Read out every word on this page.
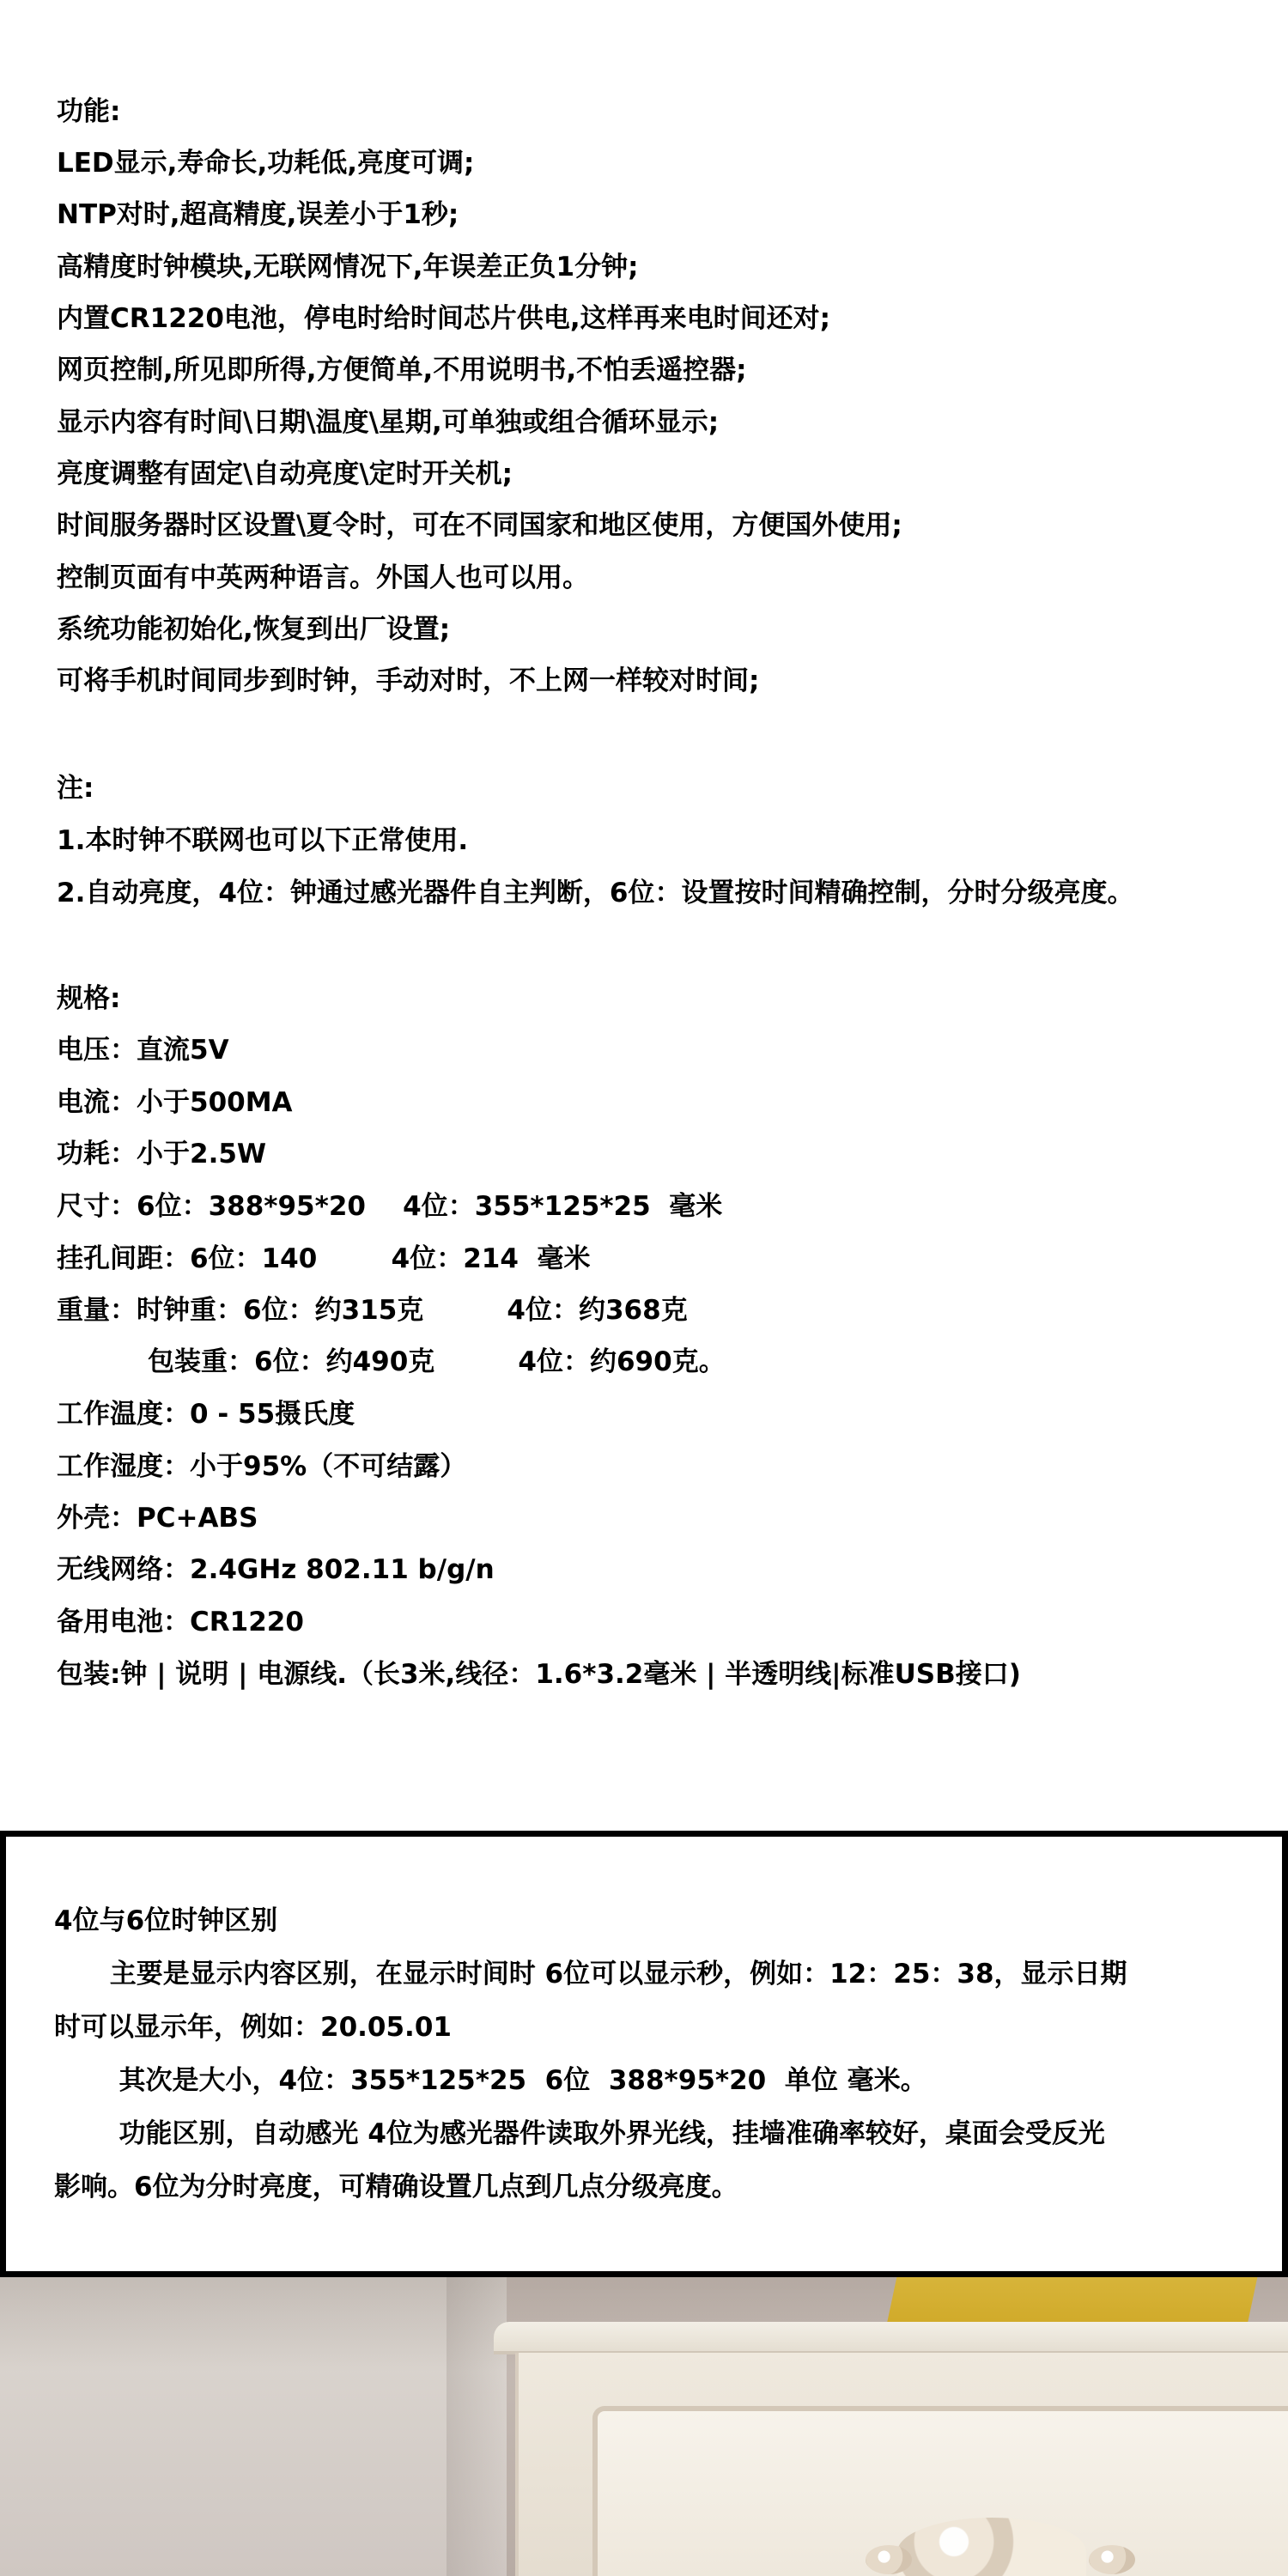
功能:
LED显示,寿命长,功耗低,亮度可调;
NTP对时,超高精度,误差小于1秒;
高精度时钟模块,无联网情况下,年误差正负1分钟;
内置CR1220电池，停电时给时间芯片供电,这样再来电时间还对;
网页控制,所见即所得,方便简单,不用说明书,不怕丢遥控器;
显示内容有时间\日期\温度\星期,可单独或组合循环显示;
亮度调整有固定\自动亮度\定时开关机;
时间服务器时区设置\夏令时，可在不同国家和地区使用，方便国外使用;
控制页面有中英两种语言。外国人也可以用。
系统功能初始化,恢复到出厂设置;
可将手机时间同步到时钟，手动对时，不上网一样较对时间;
注:
1.本时钟不联网也可以下正常使用.
2.自动亮度，4位：钟通过感光器件自主判断，6位：设置按时间精确控制，分时分级亮度。
规格:
电压：直流5V
电流：小于500MA
功耗：小于2.5W
尺寸：6位：388*95*20    4位：355*125*25  毫米
挂孔间距：6位：140        4位：214  毫米
重量：时钟重：6位：约315克         4位：约368克
包装重：6位：约490克         4位：约690克。
工作温度：0 - 55摄氏度
工作湿度：小于95%（不可结露）
外壳：PC+ABS
无线网络：2.4GHz 802.11 b/g/n
备用电池：CR1220
包装:钟 | 说明 | 电源线.（长3米,线径：1.6*3.2毫米 | 半透明线|标准USB接口)
4位与6位时钟区别
主要是显示内容区别，在显示时间时 6位可以显示秒，例如：12：25：38，显示日期
时可以显示年，例如：20.05.01
其次是大小，4位：355*125*25  6位  388*95*20  单位 毫米。
功能区别，自动感光 4位为感光器件读取外界光线，挂墙准确率较好，桌面会受反光
影响。6位为分时亮度，可精确设置几点到几点分级亮度。
